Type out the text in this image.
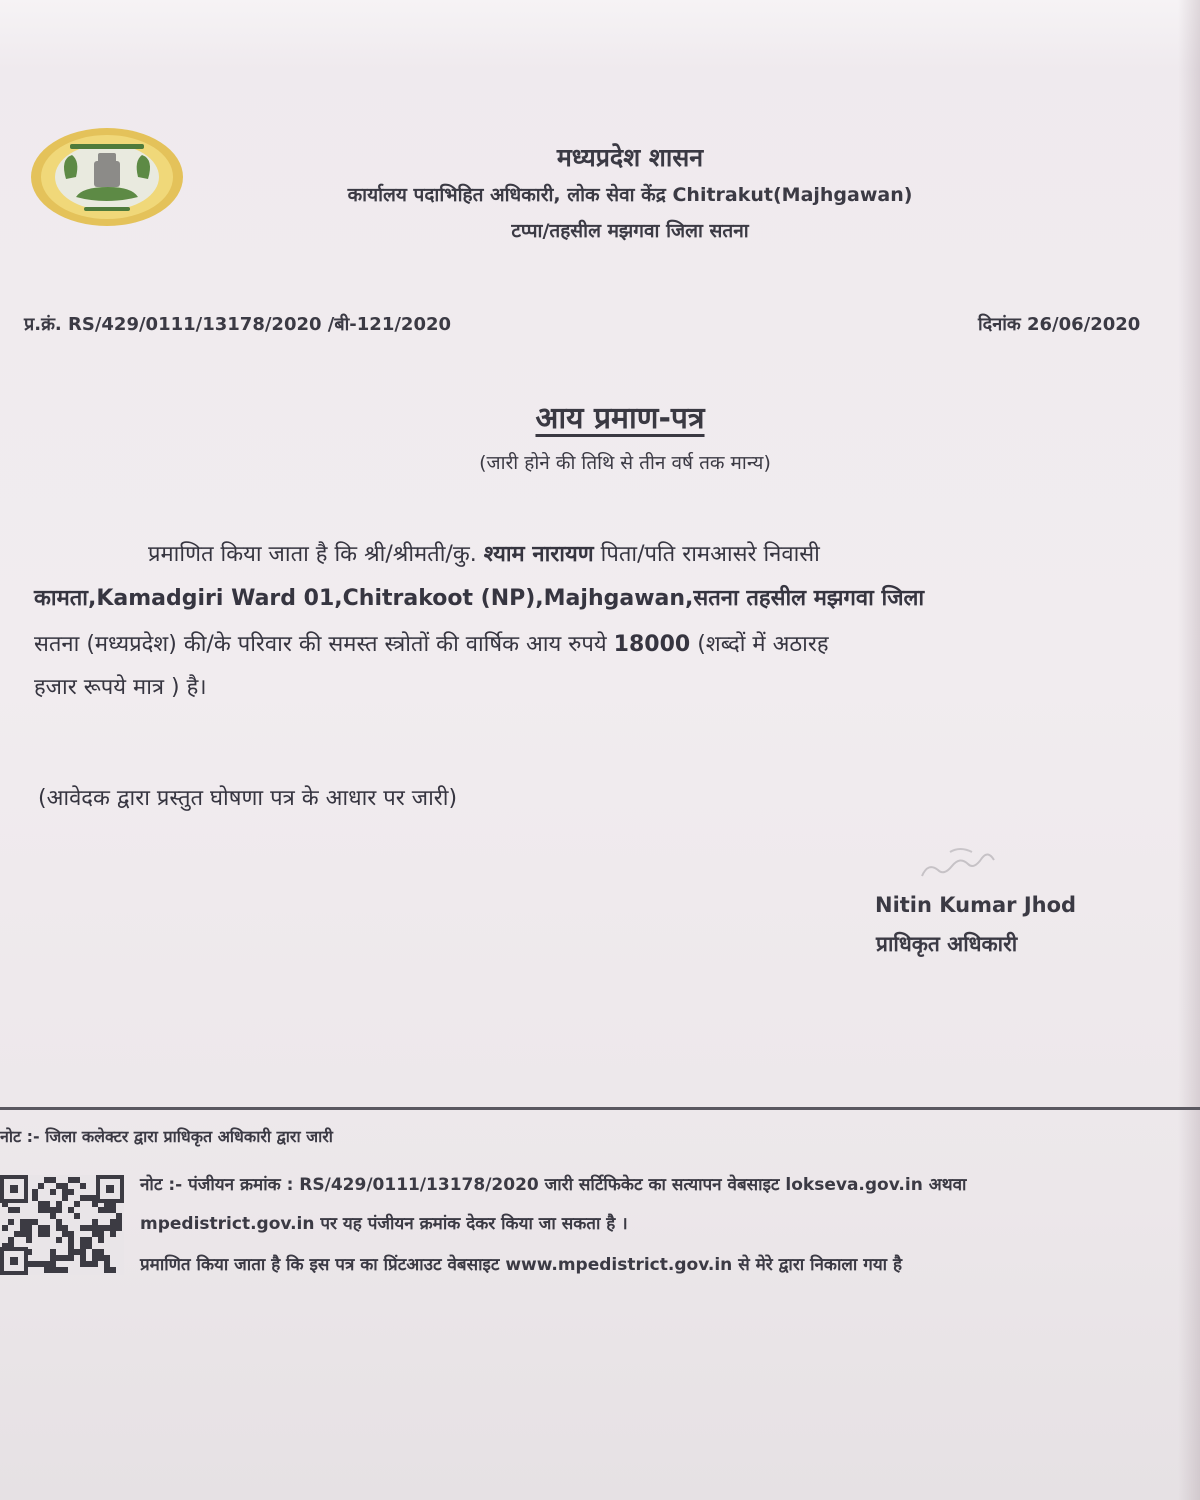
मध्यप्रदेश शासन
कार्यालय पदाभिहित अधिकारी, लोक सेवा केंद्र Chitrakut(Majhgawan)
टप्पा/तहसील मझगवा जिला सतना
प्र.क्रं. RS/429/0111/13178/2020 /बी-121/2020	दिनांक 26/06/2020
आय प्रमाण-पत्र
(जारी होने की तिथि से तीन वर्ष तक मान्य)
प्रमाणित किया जाता है कि श्री/श्रीमती/कु. श्याम नारायण पिता/पति रामआसरे निवासी
कामता,Kamadgiri Ward 01,Chitrakoot (NP),Majhgawan,सतना तहसील मझगवा जिला
सतना (मध्यप्रदेश) की/के परिवार की समस्त स्त्रोतों की वार्षिक आय रुपये 18000 (शब्दों में अठारह
हजार रूपये मात्र ) है।
(आवेदक द्वारा प्रस्तुत घोषणा पत्र के आधार पर जारी)
Nitin Kumar Jhod
प्राधिकृत अधिकारी
नोट :- जिला कलेक्टर द्वारा प्राधिकृत अधिकारी द्वारा जारी
नोट :- पंजीयन क्रमांक : RS/429/0111/13178/2020 जारी सर्टिफिकेट का सत्यापन वेबसाइट lokseva.gov.in अथवा
mpedistrict.gov.in पर यह पंजीयन क्रमांक देकर किया जा सकता है ।
प्रमाणित किया जाता है कि इस पत्र का प्रिंटआउट वेबसाइट www.mpedistrict.gov.in से मेरे द्वारा निकाला गया है
